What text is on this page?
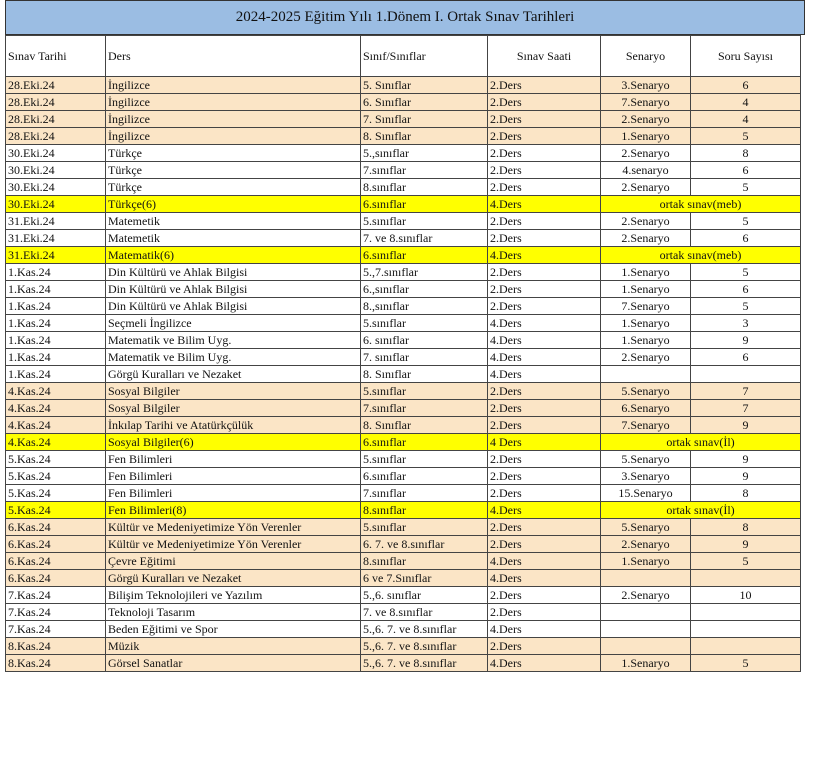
2024-2025 Eğitim Yılı 1.Dönem I. Ortak Sınav Tarihleri
Sınav Tarihi	Ders	Sınıf/Sınıflar	Sınav Saati	Senaryo	Soru Sayısı
28.Eki.24	İngilizce	5. Sınıflar	2.Ders	3.Senaryo	6
28.Eki.24	İngilizce	6. Sınıflar	2.Ders	7.Senaryo	4
28.Eki.24	İngilizce	7. Sınıflar	2.Ders	2.Senaryo	4
28.Eki.24	İngilizce	8. Sınıflar	2.Ders	1.Senaryo	5
30.Eki.24	Türkçe	5.,sınıflar	2.Ders	2.Senaryo	8
30.Eki.24	Türkçe	7.sınıflar	2.Ders	4.senaryo	6
30.Eki.24	Türkçe	8.sınıflar	2.Ders	2.Senaryo	5
30.Eki.24	Türkçe(6)	6.sınıflar	4.Ders	ortak sınav(meb)	
31.Eki.24	Matemetik	5.sınıflar	2.Ders	2.Senaryo	5
31.Eki.24	Matemetik	7. ve 8.sınıflar	2.Ders	2.Senaryo	6
31.Eki.24	Matematik(6)	6.sınıflar	4.Ders	ortak sınav(meb)	
1.Kas.24	Din Kültürü ve Ahlak Bilgisi	5.,7.sınıflar	2.Ders	1.Senaryo	5
1.Kas.24	Din Kültürü ve Ahlak Bilgisi	6.,sınıflar	2.Ders	1.Senaryo	6
1.Kas.24	Din Kültürü ve Ahlak Bilgisi	8.,sınıflar	2.Ders	7.Senaryo	5
1.Kas.24	Seçmeli İngilizce	5.sınıflar	4.Ders	1.Senaryo	3
1.Kas.24	Matematik ve Bilim Uyg.	6. sınıflar	4.Ders	1.Senaryo	9
1.Kas.24	Matematik ve Bilim Uyg.	7. sınıflar	4.Ders	2.Senaryo	6
1.Kas.24	Görgü Kuralları ve Nezaket	8. Sınıflar	4.Ders		
4.Kas.24	Sosyal Bilgiler	5.sınıflar	2.Ders	5.Senaryo	7
4.Kas.24	Sosyal Bilgiler	7.sınıflar	2.Ders	6.Senaryo	7
4.Kas.24	İnkılap Tarihi ve Atatürkçülük	8. Sınıflar	2.Ders	7.Senaryo	9
4.Kas.24	Sosyal Bilgiler(6)	6.sınıflar	4 Ders	ortak sınav(İl)	
5.Kas.24	Fen Bilimleri	5.sınıflar	2.Ders	5.Senaryo	9
5.Kas.24	Fen Bilimleri	6.sınıflar	2.Ders	3.Senaryo	9
5.Kas.24	Fen Bilimleri	7.sınıflar	2.Ders	15.Senaryo	8
5.Kas.24	Fen Bilimleri(8)	8.sınıflar	4.Ders	ortak sınav(İl)	
6.Kas.24	Kültür ve Medeniyetimize Yön Verenler	5.sınıflar	2.Ders	5.Senaryo	8
6.Kas.24	Kültür ve Medeniyetimize Yön Verenler	6. 7. ve 8.sınıflar	2.Ders	2.Senaryo	9
6.Kas.24	Çevre Eğitimi	8.sınıflar	4.Ders	1.Senaryo	5
6.Kas.24	Görgü Kuralları ve Nezaket	6 ve 7.Sınıflar	4.Ders		
7.Kas.24	Bilişim Teknolojileri ve Yazılım	5.,6. sınıflar	2.Ders	2.Senaryo	10
7.Kas.24	Teknoloji Tasarım	7. ve 8.sınıflar	2.Ders		
7.Kas.24	Beden Eğitimi ve Spor	5.,6. 7. ve 8.sınıflar	4.Ders		
8.Kas.24	Müzik	5.,6. 7. ve 8.sınıflar	2.Ders		
8.Kas.24	Görsel Sanatlar	5.,6. 7. ve 8.sınıflar	4.Ders	1.Senaryo	5
